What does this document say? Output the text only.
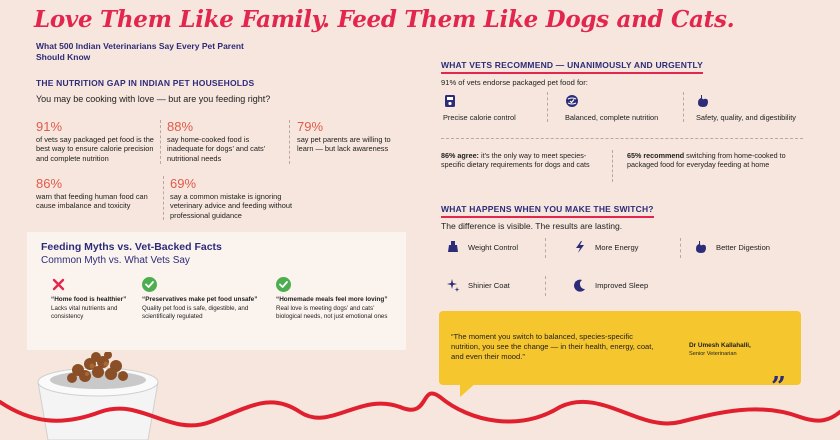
Love Them Like Family. Feed Them Like Dogs and Cats.
What 500 Indian Veterinarians Say Every Pet Parent Should Know
THE NUTRITION GAP IN INDIAN PET HOUSEHOLDS
You may be cooking with love — but are you feeding right?
91%
of vets say packaged pet food is the best way to ensure calorie precision and complete nutrition
88%
say home-cooked food is inadequate for dogs’ and cats’ nutritional needs
79%
say pet parents are willing to learn — but lack awareness
86%
warn that feeding human food can cause imbalance and toxicity
69%
say a common mistake is ignoring veterinary advice and feeding without professional guidance
Feeding Myths vs. Vet-Backed Facts
Common Myth vs. What Vets Say
“Home food is healthier”
Lacks vital nutrients and consistency
“Preservatives make pet food unsafe”
Quality pet food is safe, digestible, and scientifically regulated
“Homemade meals feel more loving”
Real love is meeting dogs’ and cats’ biological needs, not just emotional ones
WHAT VETS RECOMMEND — UNANIMOUSLY AND URGENTLY
91% of vets endorse packaged pet food for:
Precise calorie control	Balanced, complete nutrition	Safety, quality, and digestibility
86% agree: it’s the only way to meet species-specific dietary requirements for dogs and cats
65% recommend switching from home-cooked to packaged food for everyday feeding at home
WHAT HAPPENS WHEN YOU MAKE THE SWITCH?
The difference is visible. The results are lasting.
Weight Control	More Energy	Better Digestion
Shinier Coat	z Improved Sleep
“The moment you switch to balanced, species-specific nutrition, you see the change — in their health, energy, coat, and even their mood.”
Dr Umesh Kallahalli,
Senior Veterinarian
”
